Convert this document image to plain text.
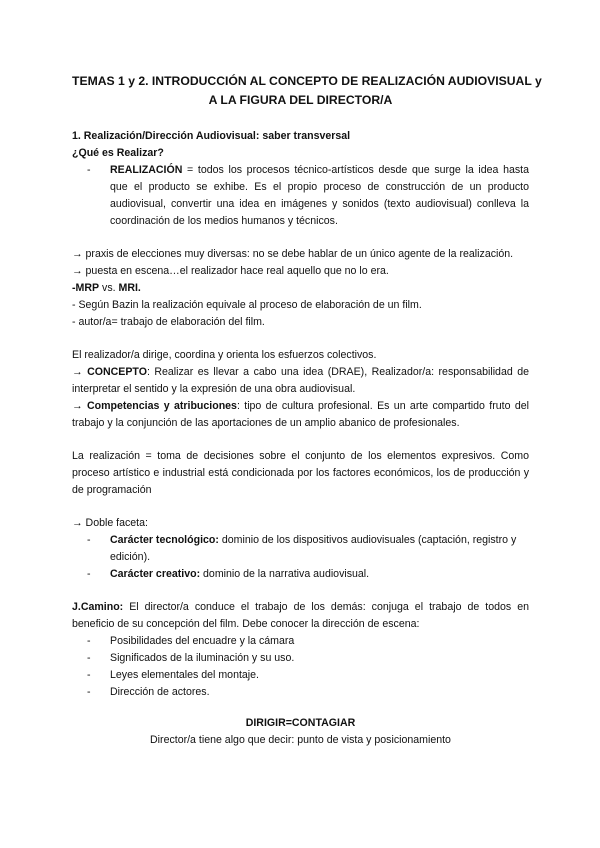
TEMAS 1 y 2. INTRODUCCIÓN AL CONCEPTO DE REALIZACIÓN AUDIOVISUAL y
A LA FIGURA DEL DIRECTOR/A

1. Realización/Dirección Audiovisual: saber transversal

¿Qué es Realizar?

-	REALIZACIÓN = todos los procesos técnico-artísticos desde que surge la idea hasta que el producto se exhibe. Es el propio proceso de construcción de un producto audiovisual, convertir una idea en imágenes y sonidos (texto audiovisual) conlleva la coordinación de los medios humanos y técnicos.

→ praxis de elecciones muy diversas: no se debe hablar de un único agente de la realización.

→ puesta en escena…el realizador hace real aquello que no lo era.

-MRP vs. MRI.

- Según Bazin la realización equivale al proceso de elaboración de un film.

- autor/a= trabajo de elaboración del film.

El realizador/a dirige, coordina y orienta los esfuerzos colectivos.

→ CONCEPTO: Realizar es llevar a cabo una idea (DRAE), Realizador/a: responsabilidad de interpretar el sentido y la expresión de una obra audiovisual.

→ Competencias y atribuciones: tipo de cultura profesional. Es un arte compartido fruto del trabajo y la conjunción de las aportaciones de un amplio abanico de profesionales.

La realización = toma de decisiones sobre el conjunto de los elementos expresivos. Como proceso artístico e industrial está condicionada por los factores económicos, los de producción y de programación

→ Doble faceta:

-	Carácter tecnológico: dominio de los dispositivos audiovisuales (captación, registro y edición).
-	Carácter creativo: dominio de la narrativa audiovisual.

J.Camino: El director/a conduce el trabajo de los demás: conjuga el trabajo de todos en beneficio de su concepción del film. Debe conocer la dirección de escena:

-	Posibilidades del encuadre y la cámara
-	Significados de la iluminación y su uso.
-	Leyes elementales del montaje.
-	Dirección de actores.

DIRIGIR=CONTAGIAR

Director/a tiene algo que decir: punto de vista y posicionamiento
